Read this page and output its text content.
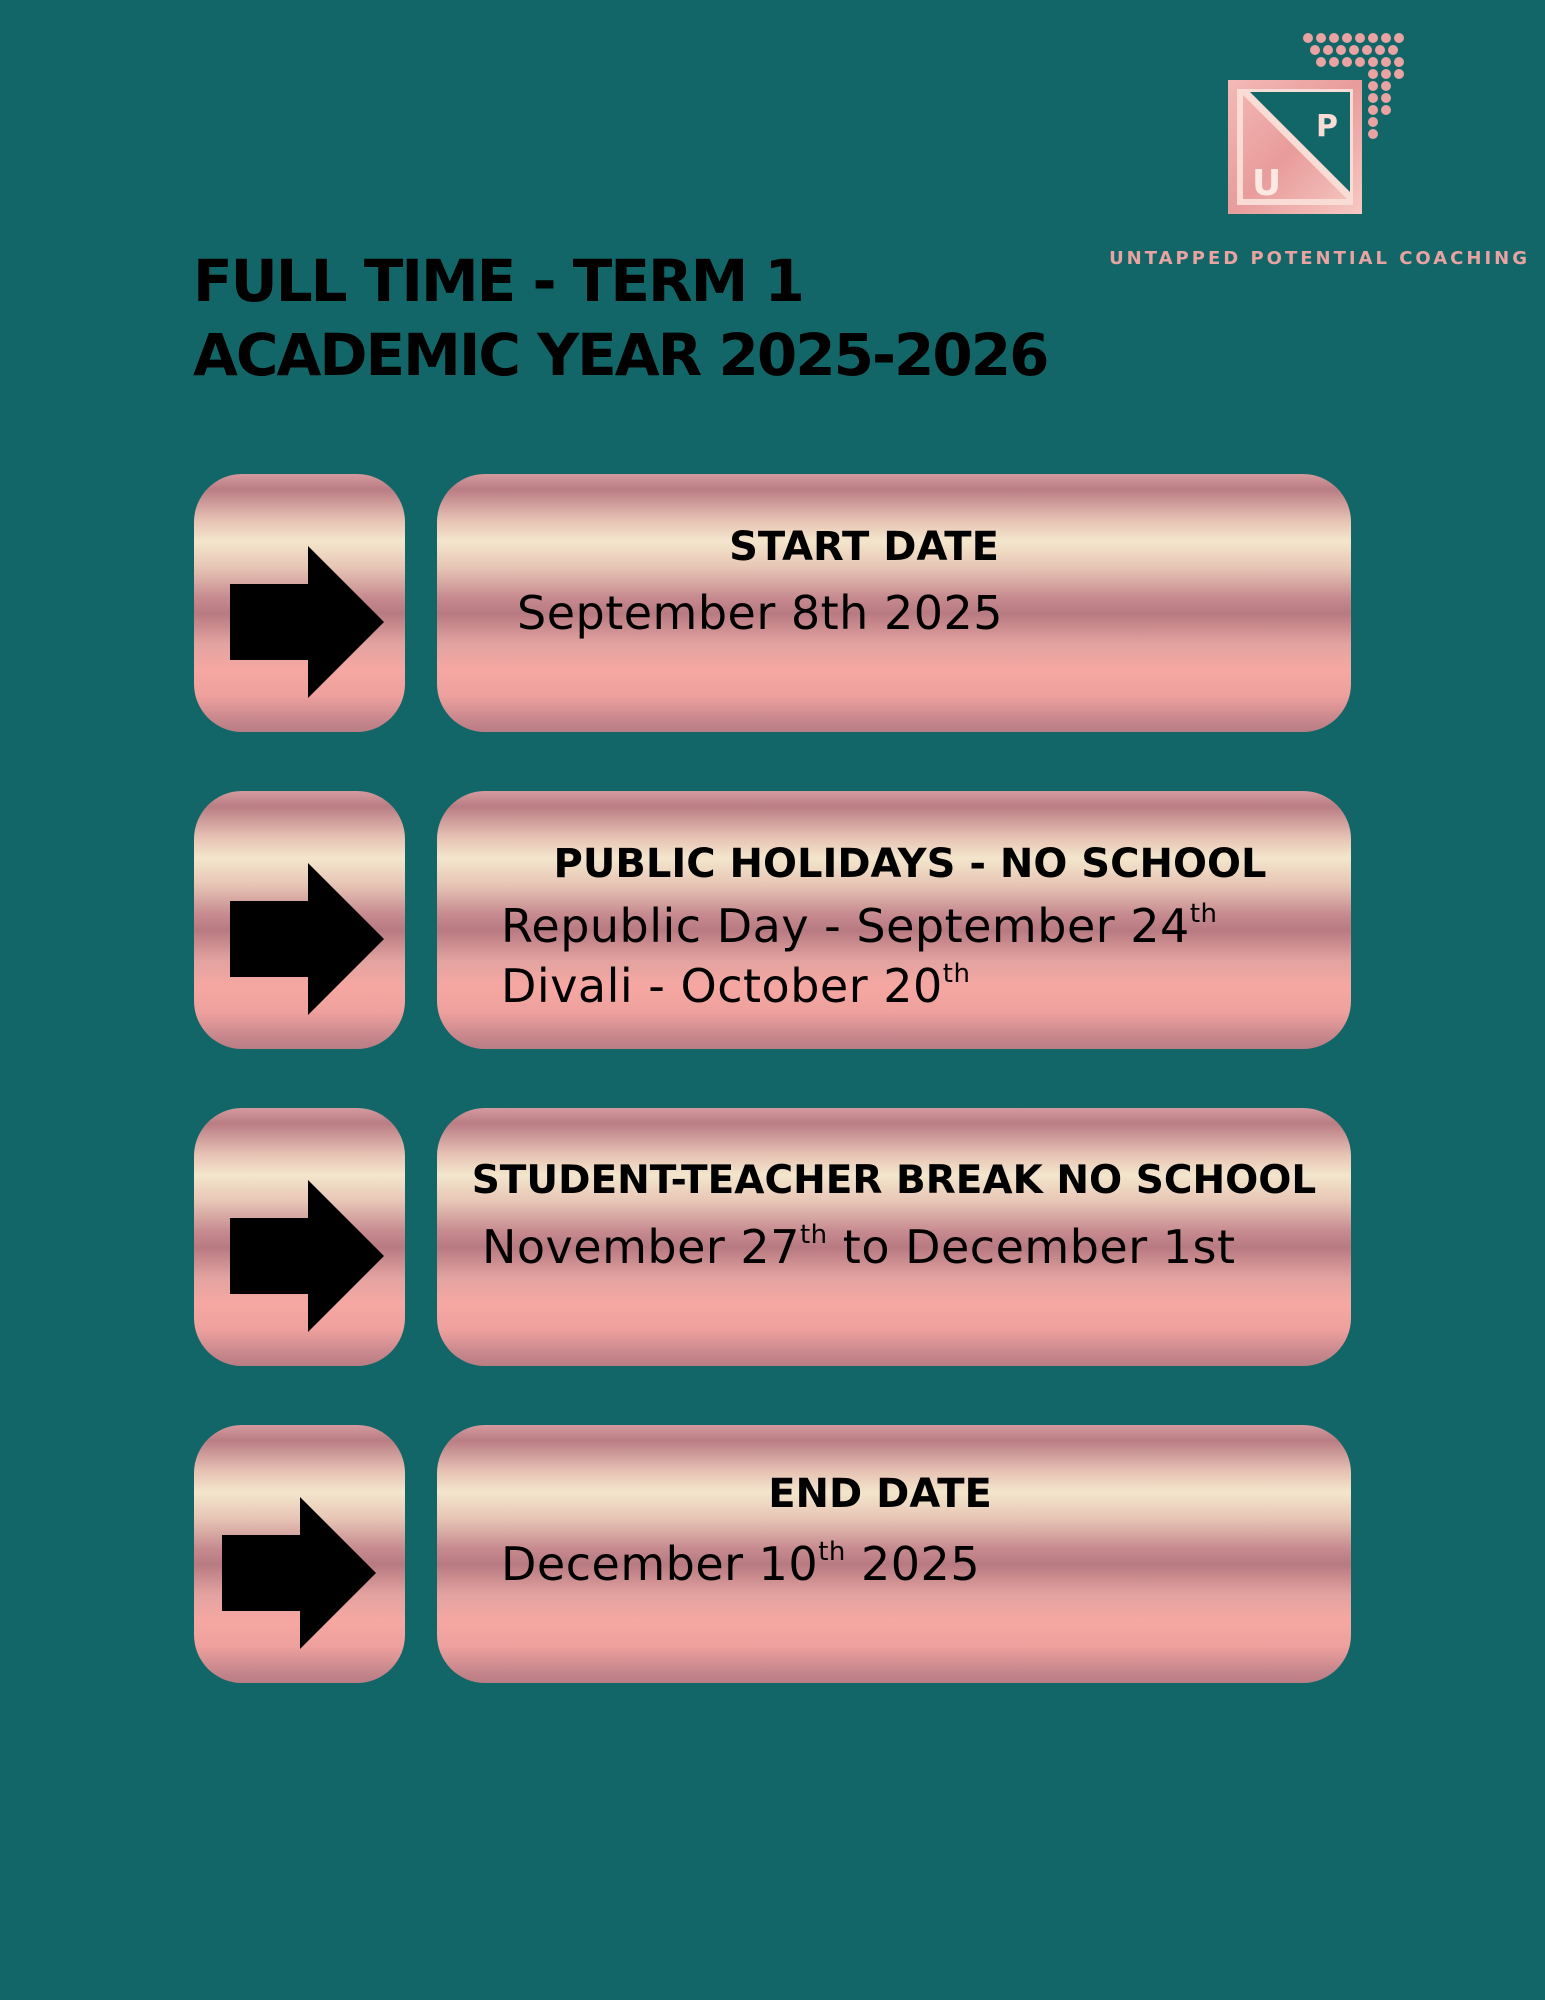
P
U
UNTAPPED POTENTIAL COACHING
FULL TIME - TERM 1
ACADEMIC YEAR 2025-2026
START DATE
September 8th 2025
PUBLIC HOLIDAYS - NO SCHOOL
Republic Day - September 24th
Divali - October 20th
STUDENT-TEACHER BREAK NO SCHOOL
November 27th to December 1st
END DATE
December 10th 2025
